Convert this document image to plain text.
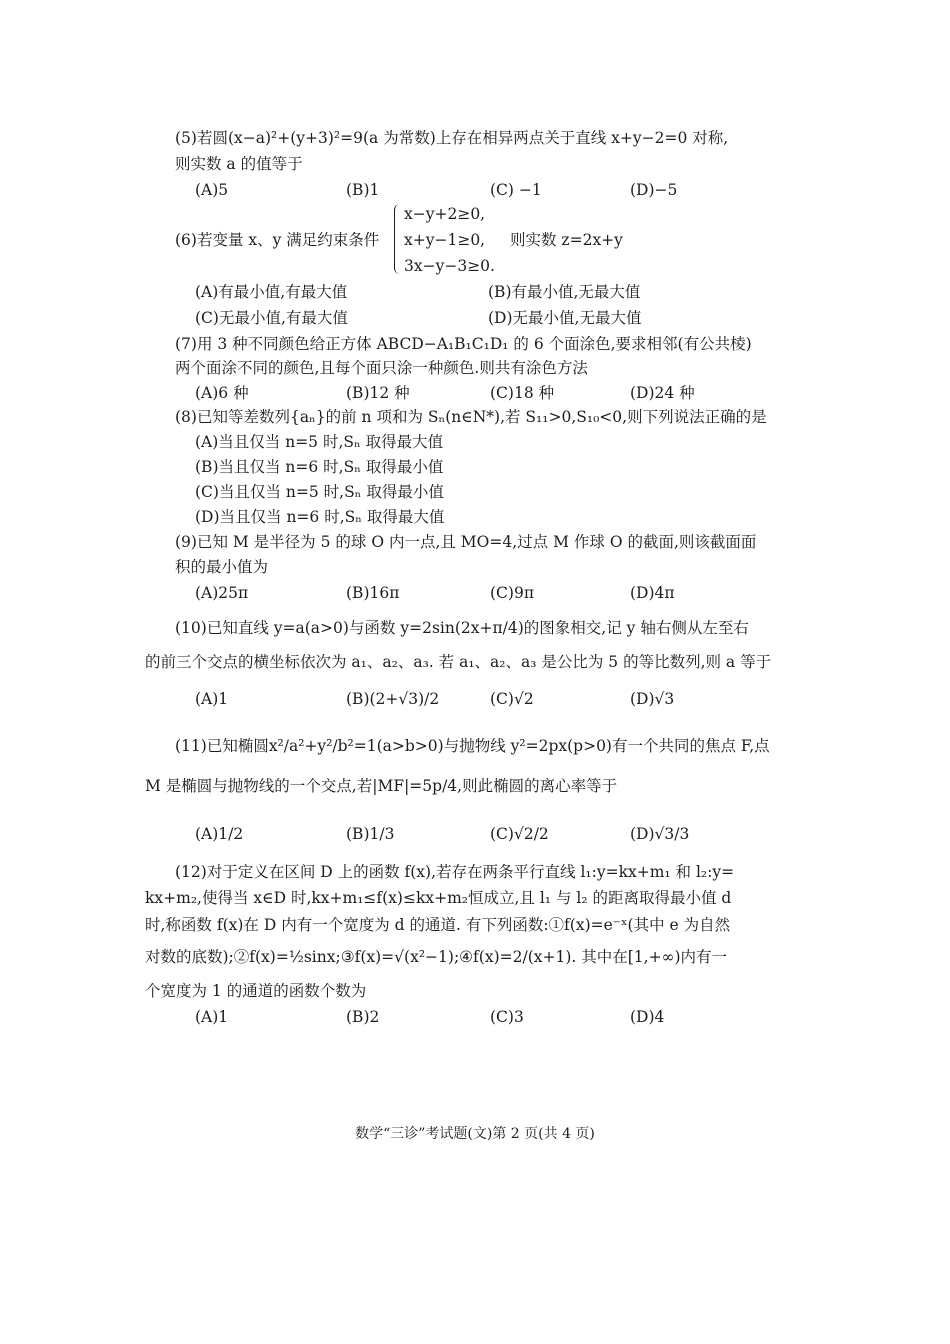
(5)若圆(x−a)²+(y+3)²=9(a 为常数)上存在相异两点关于直线 x+y−2=0 对称,
则实数 a 的值等于
(A)5	(B)1	(C) −1	(D)−5
(6)若变量 x、y 满足约束条件
x−y+2≥0,
x+y−1≥0,
3x−y−3≥0.
则实数 z=2x+y
(A)有最小值,有最大值	(B)有最小值,无最大值
(C)无最小值,有最大值	(D)无最小值,无最大值
(7)用 3 种不同颜色给正方体 ABCD−A₁B₁C₁D₁ 的 6 个面涂色,要求相邻(有公共棱)
两个面涂不同的颜色,且每个面只涂一种颜色.则共有涂色方法
(A)6 种	(B)12 种	(C)18 种	(D)24 种
(8)已知等差数列{aₙ}的前 n 项和为 Sₙ(n∈N*),若 S₁₁>0,S₁₀<0,则下列说法正确的是
(A)当且仅当 n=5 时,Sₙ 取得最大值
(B)当且仅当 n=6 时,Sₙ 取得最小值
(C)当且仅当 n=5 时,Sₙ 取得最小值
(D)当且仅当 n=6 时,Sₙ 取得最大值
(9)已知 M 是半径为 5 的球 O 内一点,且 MO=4,过点 M 作球 O 的截面,则该截面面
积的最小值为
(A)25π	(B)16π	(C)9π	(D)4π
(10)已知直线 y=a(a>0)与函数 y=2sin(2x+π/4)的图象相交,记 y 轴右侧从左至右
的前三个交点的横坐标依次为 a₁、a₂、a₃. 若 a₁、a₂、a₃ 是公比为 5 的等比数列,则 a 等于
(A)1	(B)(2+√3)/2	(C)√2	(D)√3
(11)已知椭圆x²/a²+y²/b²=1(a>b>0)与抛物线 y²=2px(p>0)有一个共同的焦点 F,点
M 是椭圆与抛物线的一个交点,若|MF|=5p/4,则此椭圆的离心率等于
(A)1/2	(B)1/3	(C)√2/2	(D)√3/3
(12)对于定义在区间 D 上的函数 f(x),若存在两条平行直线 l₁:y=kx+m₁ 和 l₂:y=
kx+m₂,使得当 x∈D 时,kx+m₁≤f(x)≤kx+m₂恒成立,且 l₁ 与 l₂ 的距离取得最小值 d
时,称函数 f(x)在 D 内有一个宽度为 d 的通道. 有下列函数:①f(x)=e⁻ˣ(其中 e 为自然
对数的底数);②f(x)=½sinx;③f(x)=√(x²−1);④f(x)=2/(x+1). 其中在[1,+∞)内有一
个宽度为 1 的通道的函数个数为
(A)1	(B)2	(C)3	(D)4
数学“三诊”考试题(文)第 2 页(共 4 页)
